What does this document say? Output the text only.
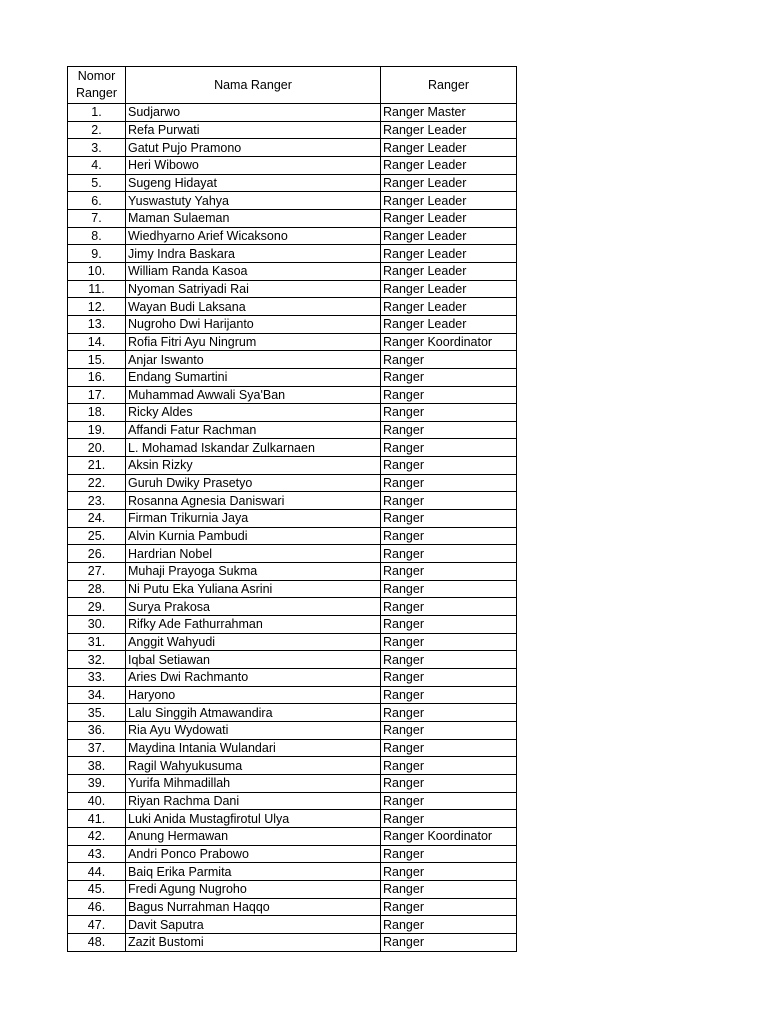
Nomor
Ranger	Nama Ranger	Ranger
1.	Sudjarwo	Ranger Master
2.	Refa Purwati	Ranger Leader
3.	Gatut Pujo Pramono	Ranger Leader
4.	Heri Wibowo	Ranger Leader
5.	Sugeng Hidayat	Ranger Leader
6.	Yuswastuty Yahya	Ranger Leader
7.	Maman Sulaeman	Ranger Leader
8.	Wiedhyarno Arief Wicaksono	Ranger Leader
9.	Jimy Indra Baskara	Ranger Leader
10.	William Randa Kasoa	Ranger Leader
11.	Nyoman Satriyadi Rai	Ranger Leader
12.	Wayan Budi Laksana	Ranger Leader
13.	Nugroho Dwi Harijanto	Ranger Leader
14.	Rofia Fitri Ayu Ningrum	Ranger Koordinator
15.	Anjar Iswanto	Ranger
16.	Endang Sumartini	Ranger
17.	Muhammad Awwali Sya'Ban	Ranger
18.	Ricky Aldes	Ranger
19.	Affandi Fatur Rachman	Ranger
20.	L. Mohamad Iskandar Zulkarnaen	Ranger
21.	Aksin Rizky	Ranger
22.	Guruh Dwiky Prasetyo	Ranger
23.	Rosanna Agnesia Daniswari	Ranger
24.	Firman Trikurnia Jaya	Ranger
25.	Alvin Kurnia Pambudi	Ranger
26.	Hardrian Nobel	Ranger
27.	Muhaji Prayoga Sukma	Ranger
28.	Ni Putu Eka Yuliana Asrini	Ranger
29.	Surya Prakosa	Ranger
30.	Rifky Ade Fathurrahman	Ranger
31.	Anggit Wahyudi	Ranger
32.	Iqbal Setiawan	Ranger
33.	Aries Dwi Rachmanto	Ranger
34.	Haryono	Ranger
35.	Lalu Singgih Atmawandira	Ranger
36.	Ria Ayu Wydowati	Ranger
37.	Maydina Intania Wulandari	Ranger
38.	Ragil Wahyukusuma	Ranger
39.	Yurifa Mihmadillah	Ranger
40.	Riyan Rachma Dani	Ranger
41.	Luki Anida Mustagfirotul Ulya	Ranger
42.	Anung Hermawan	Ranger Koordinator
43.	Andri Ponco Prabowo	Ranger
44.	Baiq Erika Parmita	Ranger
45.	Fredi Agung Nugroho	Ranger
46.	Bagus Nurrahman Haqqo	Ranger
47.	Davit Saputra	Ranger
48.	Zazit Bustomi	Ranger
